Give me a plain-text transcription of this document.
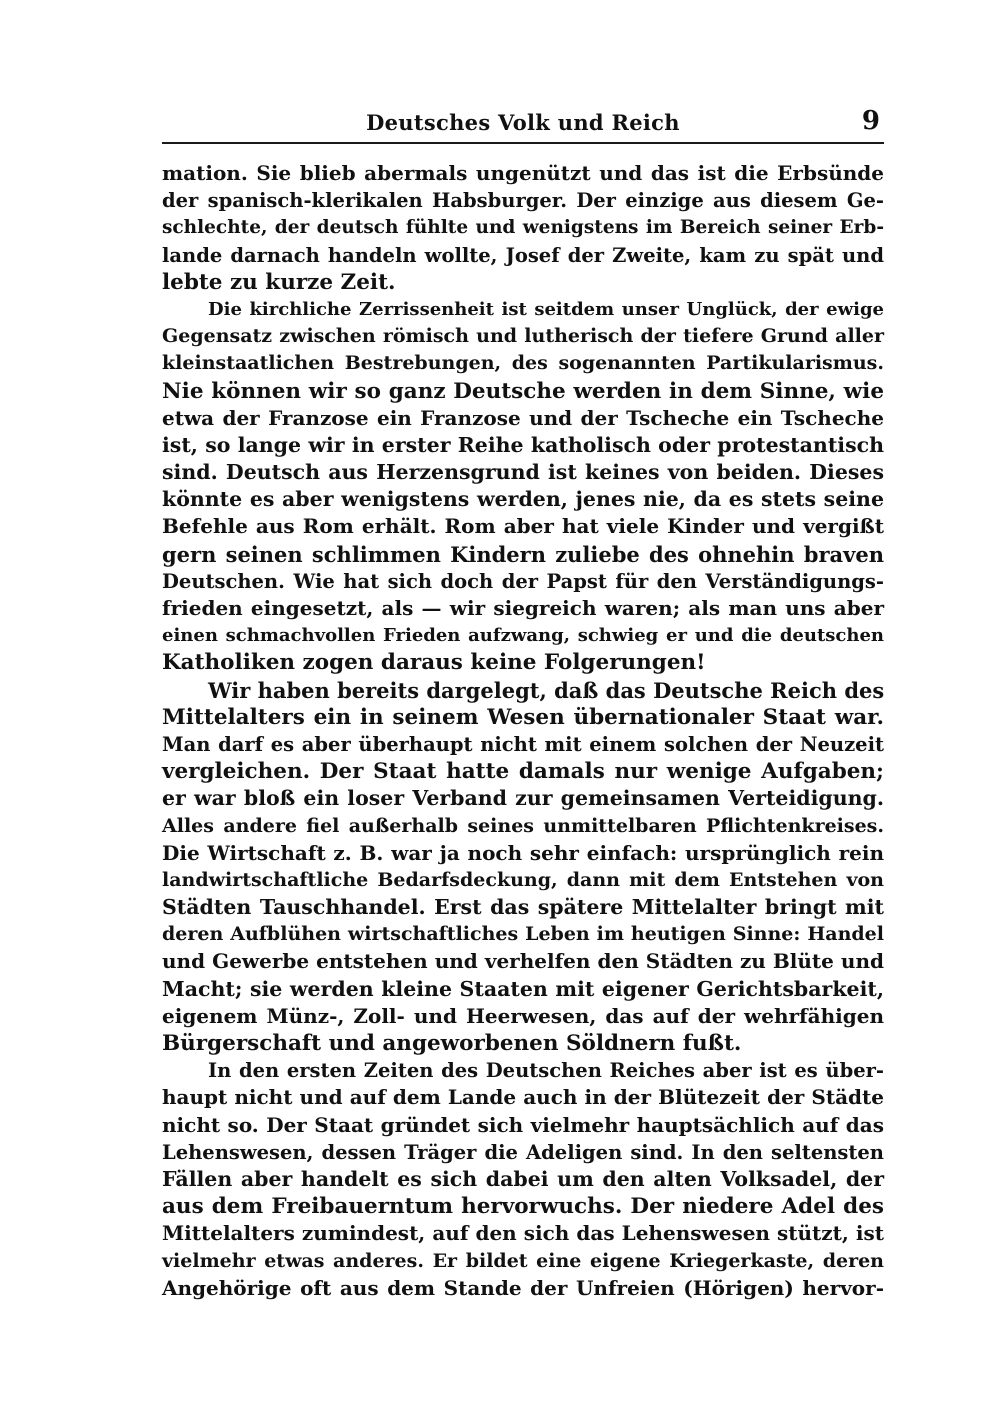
Deutsches Volk und Reich	9
mation. Sie blieb abermals ungenützt und das ist die Erbsünde
der spanisch-klerikalen Habsburger. Der einzige aus diesem Ge-
schlechte, der deutsch fühlte und wenigstens im Bereich seiner Erb-
lande darnach handeln wollte, Josef der Zweite, kam zu spät und
lebte zu kurze Zeit.
Die kirchliche Zerrissenheit ist seitdem unser Unglück, der ewige
Gegensatz zwischen römisch und lutherisch der tiefere Grund aller
kleinstaatlichen Bestrebungen, des sogenannten Partikularismus.
Nie können wir so ganz Deutsche werden in dem Sinne, wie
etwa der Franzose ein Franzose und der Tscheche ein Tscheche
ist, so lange wir in erster Reihe katholisch oder protestantisch
sind. Deutsch aus Herzensgrund ist keines von beiden. Dieses
könnte es aber wenigstens werden, jenes nie, da es stets seine
Befehle aus Rom erhält. Rom aber hat viele Kinder und vergißt
gern seinen schlimmen Kindern zuliebe des ohnehin braven
Deutschen. Wie hat sich doch der Papst für den Verständigungs-
frieden eingesetzt, als — wir siegreich waren; als man uns aber
einen schmachvollen Frieden aufzwang, schwieg er und die deutschen
Katholiken zogen daraus keine Folgerungen!
Wir haben bereits dargelegt, daß das Deutsche Reich des
Mittelalters ein in seinem Wesen übernationaler Staat war.
Man darf es aber überhaupt nicht mit einem solchen der Neuzeit
vergleichen. Der Staat hatte damals nur wenige Aufgaben;
er war bloß ein loser Verband zur gemeinsamen Verteidigung.
Alles andere fiel außerhalb seines unmittelbaren Pflichtenkreises.
Die Wirtschaft z. B. war ja noch sehr einfach: ursprünglich rein
landwirtschaftliche Bedarfsdeckung, dann mit dem Entstehen von
Städten Tauschhandel. Erst das spätere Mittelalter bringt mit
deren Aufblühen wirtschaftliches Leben im heutigen Sinne: Handel
und Gewerbe entstehen und verhelfen den Städten zu Blüte und
Macht; sie werden kleine Staaten mit eigener Gerichtsbarkeit,
eigenem Münz-, Zoll- und Heerwesen, das auf der wehrfähigen
Bürgerschaft und angeworbenen Söldnern fußt.
In den ersten Zeiten des Deutschen Reiches aber ist es über-
haupt nicht und auf dem Lande auch in der Blütezeit der Städte
nicht so. Der Staat gründet sich vielmehr hauptsächlich auf das
Lehenswesen, dessen Träger die Adeligen sind. In den seltensten
Fällen aber handelt es sich dabei um den alten Volksadel, der
aus dem Freibauerntum hervorwuchs. Der niedere Adel des
Mittelalters zumindest, auf den sich das Lehenswesen stützt, ist
vielmehr etwas anderes. Er bildet eine eigene Kriegerkaste, deren
Angehörige oft aus dem Stande der Unfreien (Hörigen) hervor-
